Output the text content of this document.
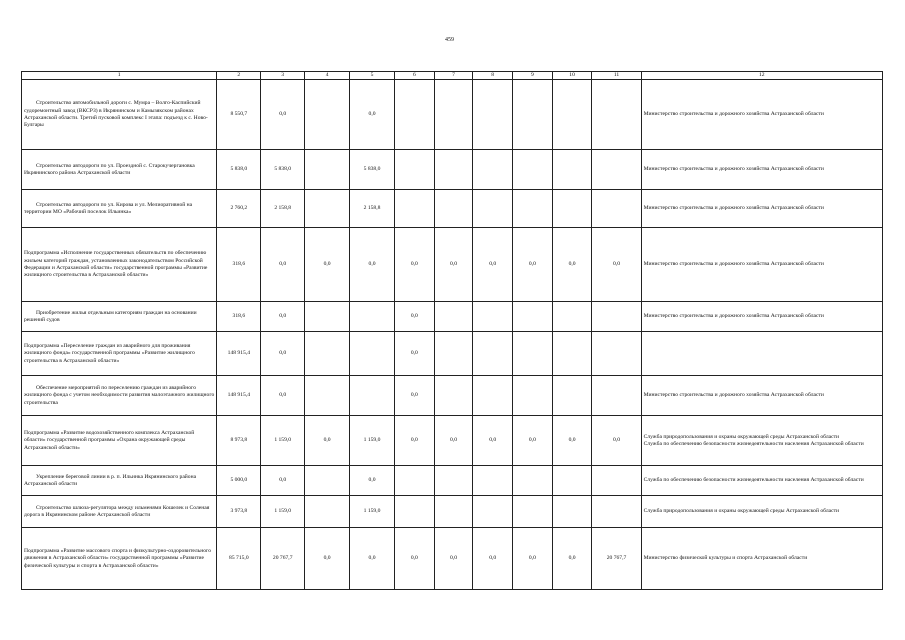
459
1	2	3	4	5	6	7	8	9	10	11	12
Строительство автомобильной дороги с. Мумра – Волго-Каспийский судоремонтный завод (ВКСРЗ) в Икрянинском и Камызякском районах Астраханской области. Третий пусковой комплекс I этапа: подъезд к с. Ново-Булгары	8 550,7	0,0		0,0							Министерство строительства и дорожного хозяйства Астраханской области

Строительство автодороги по ул. Проездной с. Старокучергановка Икрянинского района Астраханской области	5 838,0	5 838,0		5 838,0							Министерство строительства и дорожного хозяйства Астраханской области

Строительство автодороги по ул. Кирова и ул. Мелиоративной на территории МО «Рабочий поселок Ильинка»	2 760,2	2 158,8		2 158,8							Министерство строительства и дорожного хозяйства Астраханской области

Подпрограмма «Исполнение государственных обязательств по обеспечению жильем категорий граждан, установленных законодательством Российской Федерации и Астраханской области» государственной программы «Развитие жилищного строительства в Астраханской области»	318,6	0,0	0,0	0,0	0,0	0,0	0,0	0,0	0,0	0,0	Министерство строительства и дорожного хозяйства Астраханской области

Приобретение жилья отдельным категориям граждан на основании решений судов	318,6	0,0			0,0						Министерство строительства и дорожного хозяйства Астраханской области

Подпрограмма «Переселение граждан из аварийного для проживания жилищного фонда» государственной программы «Развитие жилищного строительства в Астраханской области»	148 915,4	0,0			0,0						
Обеспечение мероприятий по переселению граждан из аварийного жилищного фонда с учетом необходимости развития малоэтажного жилищного строительства	148 915,4	0,0			0,0						Министерство строительства и дорожного хозяйства Астраханской области

Подпрограмма «Развитие водохозяйственного комплекса Астраханской области» государственной программы «Охрана окружающей среды Астраханской области»	8 973,8	1 159,0	0,0	1 159,0	0,0	0,0	0,0	0,0	0,0	0,0	Служба природопользования и охраны окружающей среды Астраханской области
Служба по обеспечению безопасности жизнедеятельности населения Астраханской области

Укрепление береговой линии в р. п. Ильинка Икрянинского района Астраханской области	5 000,0	0,0		0,0							Служба по обеспечению безопасности жизнедеятельности населения Астраханской области

Строительство шлюза-регулятора между ильменями Кошелек и Соленая дорога в Икрянинском районе Астраханской области	3 973,8	1 159,0		1 159,0							Служба природопользования и охраны окружающей среды Астраханской области

Подпрограмма «Развитие массового спорта и физкультурно-оздоровительного движения в Астраханской области» государственной программы «Развитие физической культуры и спорта в Астраханской области»	85 715,0	20 767,7	0,0	0,0	0,0	0,0	0,0	0,0	0,0	20 767,7	Министерство физической культуры и спорта Астраханской области
